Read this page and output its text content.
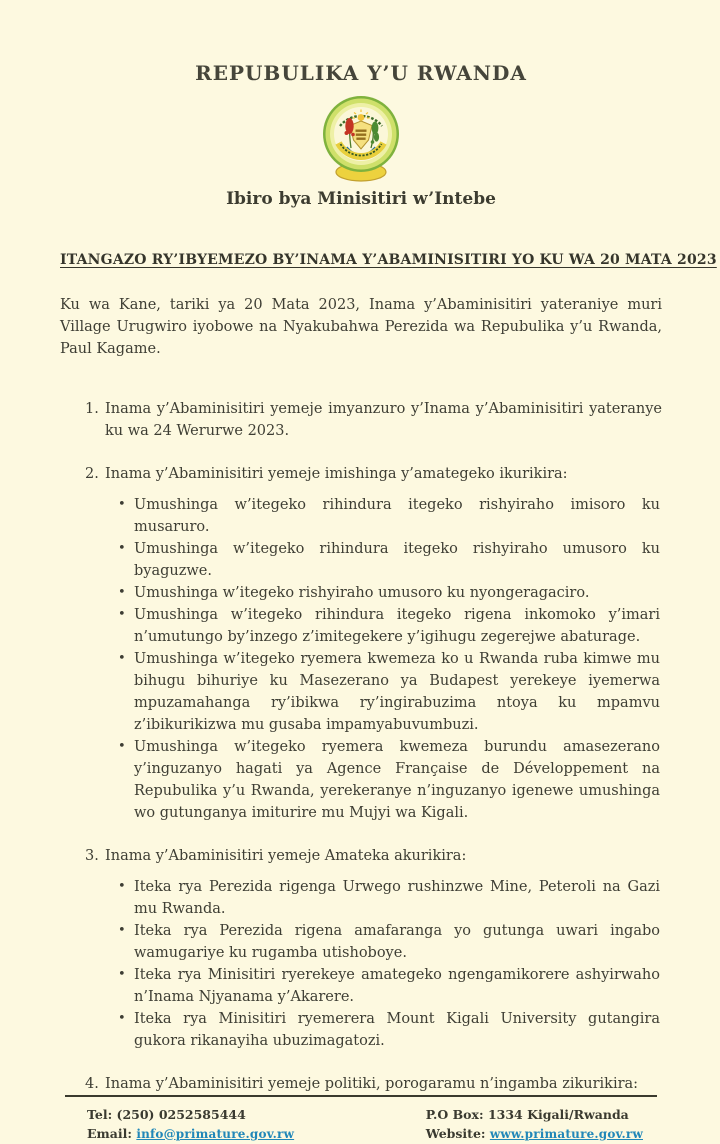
REPUBULIKA Y’U RWANDA
Ibiro bya Minisitiri w’Intebe
ITANGAZO RY’IBYEMEZO BY’INAMA Y’ABAMINISITIRI YO KU WA 20 MATA 2023

Ku wa Kane, tariki ya 20 Mata 2023, Inama y’Abaminisitiri yateraniye muri Village Urugwiro iyobowe na Nyakubahwa Perezida wa Repubulika y’u Rwanda, Paul Kagame.

1. Inama y’Abaminisitiri yemeje imyanzuro y’Inama y’Abaminisitiri yateranye ku wa 24 Werurwe 2023.
2. Inama y’Abaminisitiri yemeje imishinga y’amategeko ikurikira:
• Umushinga w’itegeko rihindura itegeko rishyiraho imisoro ku musaruro.
• Umushinga w’itegeko rihindura itegeko rishyiraho umusoro ku byaguzwe.
• Umushinga w’itegeko rishyiraho umusoro ku nyongeragaciro.
• Umushinga w’itegeko rihindura itegeko rigena inkomoko y’imari n’umutungo by’inzego z’imitegekere y’igihugu zegerejwe abaturage.
• Umushinga w’itegeko ryemera kwemeza ko u Rwanda ruba kimwe mu bihugu bihuriye ku Masezerano ya Budapest yerekeye iyemerwa mpuzamahanga ry’ibikwa ry’ingirabuzima ntoya ku mpamvu z’ibikurikizwa mu gusaba impamyabuvumbuzi.
• Umushinga w’itegeko ryemera kwemeza burundu amasezerano y’inguzanyo hagati ya Agence Française de Développement na Repubulika y’u Rwanda, yerekeranye n’inguzanyo igenewe umushinga wo gutunganya imiturire mu Mujyi wa Kigali.
3. Inama y’Abaminisitiri yemeje Amateka akurikira:
• Iteka rya Perezida rigenga Urwego rushinzwe Mine, Peteroli na Gazi mu Rwanda.
• Iteka rya Perezida rigena amafaranga yo gutunga uwari ingabo wamugariye ku rugamba utishoboye.
• Iteka rya Minisitiri ryerekeye amategeko ngengamikorere ashyirwaho n’Inama Njyanama y’Akarere.
• Iteka rya Minisitiri ryemerera Mount Kigali University gutangira gukora rikanayiha ubuzimagatozi.
4. Inama y’Abaminisitiri yemeje politiki, porogaramu n’ingamba zikurikira:
Tel: (250) 0252585444
Email: info@primature.gov.rw
P.O Box: 1334 Kigali/Rwanda
Website: www.primature.gov.rw
